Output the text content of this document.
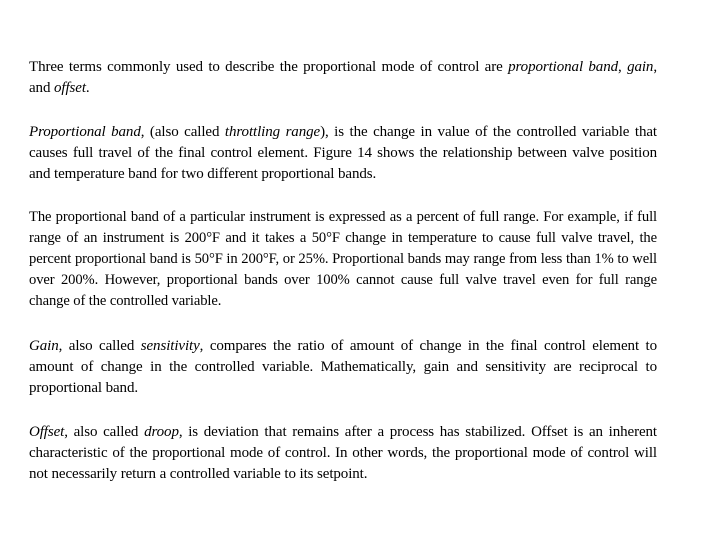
Three terms commonly used to describe the proportional mode of control are proportional band, gain, and offset.

Proportional band, (also called throttling range), is the change in value of the controlled variable that causes full travel of the final control element. Figure 14 shows the relationship between valve position and temperature band for two different proportional bands.

The proportional band of a particular instrument is expressed as a percent of full range. For example, if full range of an instrument is 200°F and it takes a 50°F change in temperature to cause full valve travel, the percent proportional band is 50°F in 200°F, or 25%. Proportional bands may range from less than 1% to well over 200%. However, proportional bands over 100% cannot cause full valve travel even for full range change of the controlled variable.

Gain, also called sensitivity, compares the ratio of amount of change in the final control element to amount of change in the controlled variable. Mathematically, gain and sensitivity are reciprocal to proportional band.

Offset, also called droop, is deviation that remains after a process has stabilized. Offset is an inherent characteristic of the proportional mode of control. In other words, the proportional mode of control will not necessarily return a controlled variable to its setpoint.
